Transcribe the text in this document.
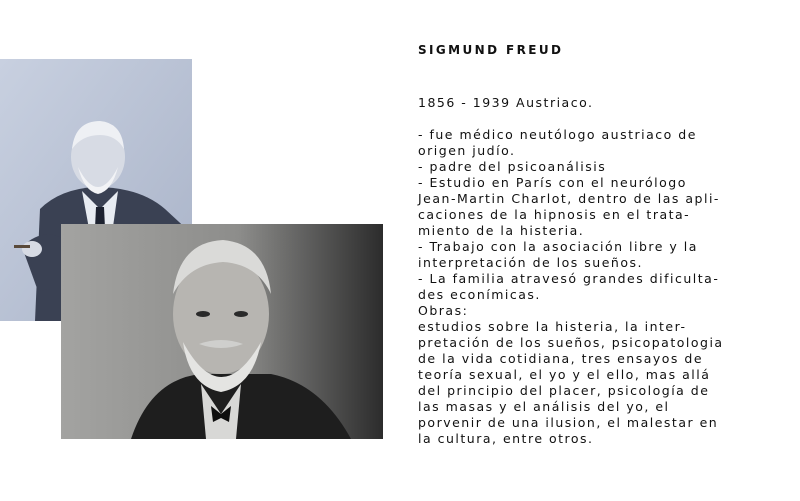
SIGMUND FREUD
1856 - 1939 Austriaco.
- fue médico neutólogo austriaco de
origen judío.
- padre del psicoanálisis
- Estudio en París con el neurólogo
Jean-Martin Charlot, dentro de las apli-
caciones de la hipnosis en el trata-
miento de la histeria.
- Trabajo con la asociación libre y la
interpretación de los sueños.
- La familia atravesó grandes dificulta-
des econímicas.
Obras:
estudios sobre la histeria, la inter-
pretación de los sueños, psicopatologia
de la vida cotidiana, tres ensayos de
teoría sexual, el yo y el ello, mas allá
del principio del placer, psicología de
las masas y el análisis del yo, el
porvenir de una ilusion, el malestar en
la cultura, entre otros.
